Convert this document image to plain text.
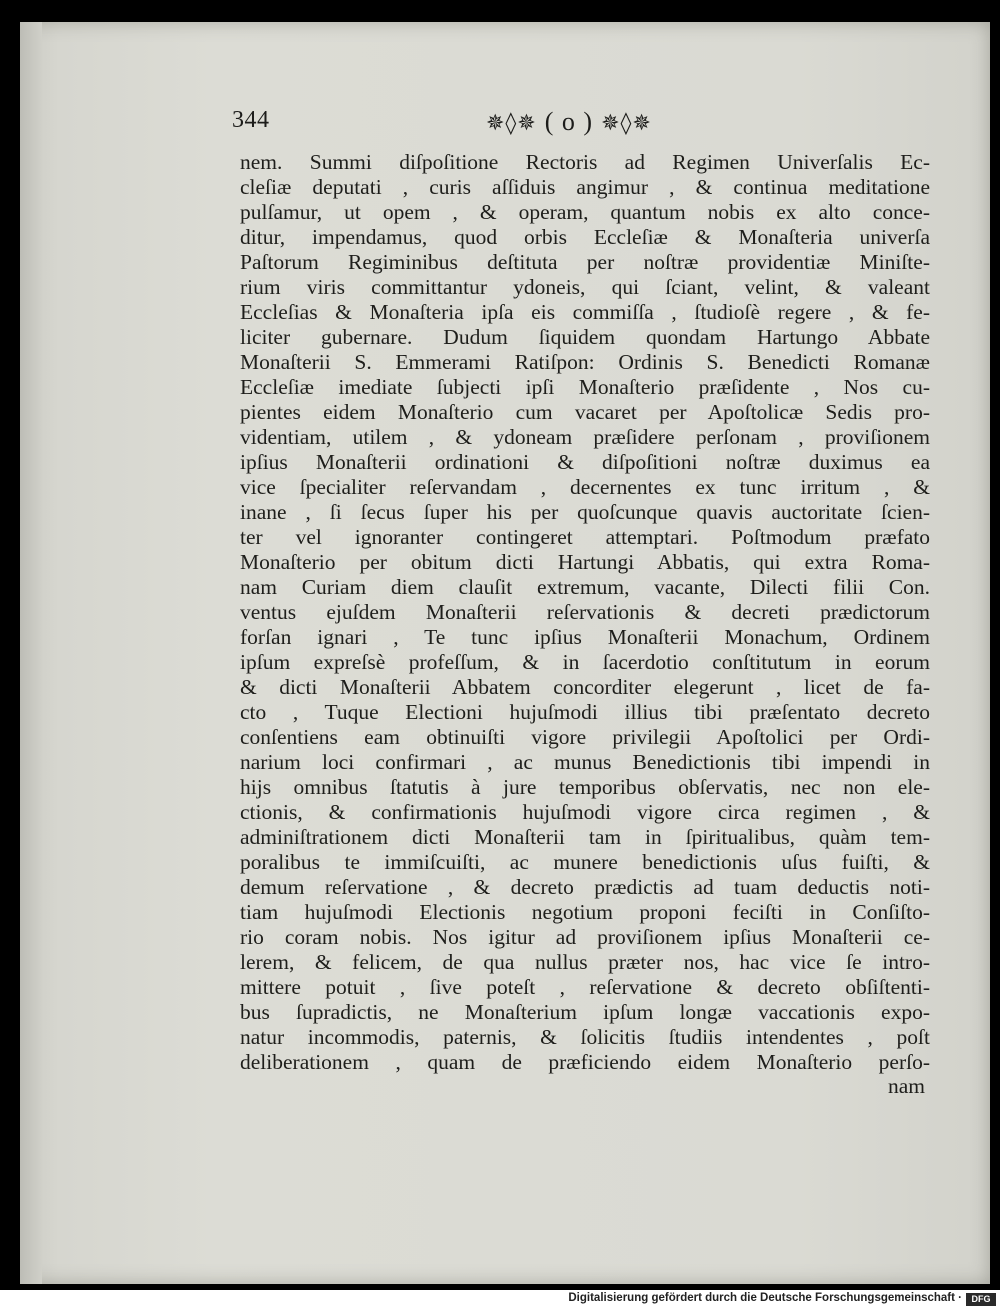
344	✵◊✵ ( o ) ✵◊✵
nem. Summi diſpoſitione Rectoris ad Regimen Univerſalis Ec-
cleſiæ deputati , curis aſſiduis angimur , & continua meditatione
pulſamur, ut opem , & operam, quantum nobis ex alto conce-
ditur, impendamus, quod orbis Eccleſiæ & Monaſteria univerſa
Paſtorum Regiminibus deſtituta per noſtræ providentiæ Miniſte-
rium viris committantur ydoneis, qui ſciant, velint, & valeant
Eccleſias & Monaſteria ipſa eis commiſſa , ſtudioſè regere , & fe-
liciter gubernare. Dudum ſiquidem quondam Hartungo Abbate
Monaſterii S. Emmerami Ratiſpon: Ordinis S. Benedicti Romanæ
Eccleſiæ imediate ſubjecti ipſi Monaſterio præſidente , Nos cu-
pientes eidem Monaſterio cum vacaret per Apoſtolicæ Sedis pro-
videntiam, utilem , & ydoneam præſidere perſonam , proviſionem
ipſius Monaſterii ordinationi & diſpoſitioni noſtræ duximus ea
vice ſpecialiter reſervandam , decernentes ex tunc irritum , &
inane , ſi ſecus ſuper his per quoſcunque quavis auctoritate ſcien-
ter vel ignoranter contingeret attemptari. Poſtmodum præfato
Monaſterio per obitum dicti Hartungi Abbatis, qui extra Roma-
nam Curiam diem clauſit extremum, vacante, Dilecti filii Con.
ventus ejuſdem Monaſterii reſervationis & decreti prædictorum
forſan ignari , Te tunc ipſius Monaſterii Monachum, Ordinem
ipſum expreſsè profeſſum, & in ſacerdotio conſtitutum in eorum
& dicti Monaſterii Abbatem concorditer elegerunt , licet de fa-
cto , Tuque Electioni hujuſmodi illius tibi præſentato decreto
conſentiens eam obtinuiſti vigore privilegii Apoſtolici per Ordi-
narium loci confirmari , ac munus Benedictionis tibi impendi in
hijs omnibus ſtatutis à jure temporibus obſervatis, nec non ele-
ctionis, & confirmationis hujuſmodi vigore circa regimen , &
adminiſtrationem dicti Monaſterii tam in ſpiritualibus, quàm tem-
poralibus te immiſcuiſti, ac munere benedictionis uſus fuiſti, &
demum reſervatione , & decreto prædictis ad tuam deductis noti-
tiam hujuſmodi Electionis negotium proponi feciſti in Conſiſto-
rio coram nobis. Nos igitur ad proviſionem ipſius Monaſterii ce-
lerem, & felicem, de qua nullus præter nos, hac vice ſe intro-
mittere potuit , ſive poteſt , reſervatione & decreto obſiſtenti-
bus ſupradictis, ne Monaſterium ipſum longæ vaccationis expo-
natur incommodis, paternis, & ſolicitis ſtudiis intendentes , poſt
deliberationem , quam de præficiendo eidem Monaſterio perſo-
nam
Digitalisierung gefördert durch die Deutsche Forschungsgemeinschaft ·	DFG
